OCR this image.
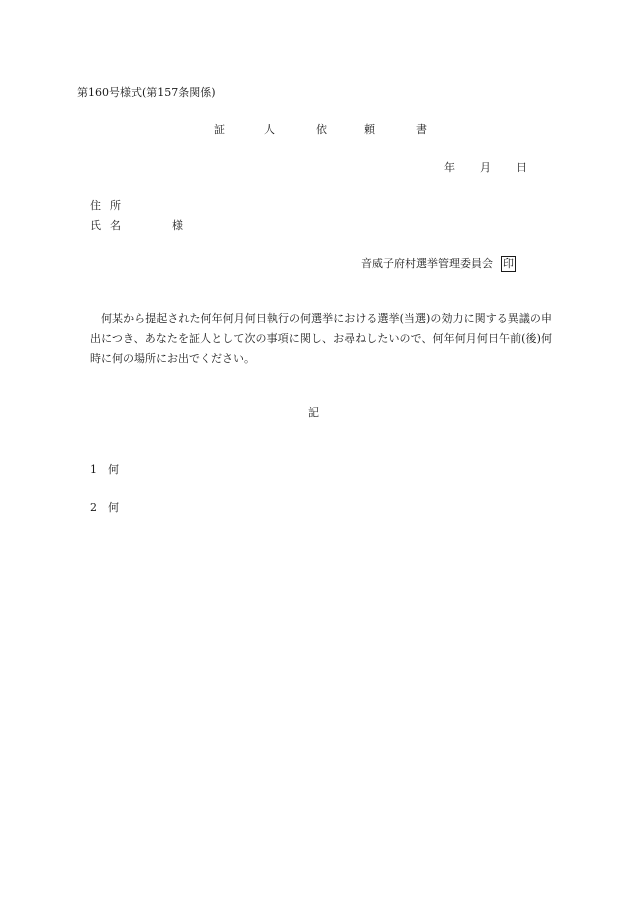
第160号様式(第157条関係)
証	人	依	頼	書
年 月 日
住所
氏名	様
音威子府村選挙管理委員会 印
何某から提起された何年何月何日執行の何選挙における選挙(当選)の効力に関する異議の申出につき、あなたを証人として次の事項に関し、お尋ねしたいので、何年何月何日午前(後)何時に何の場所にお出でください。
記
1 何
2 何
